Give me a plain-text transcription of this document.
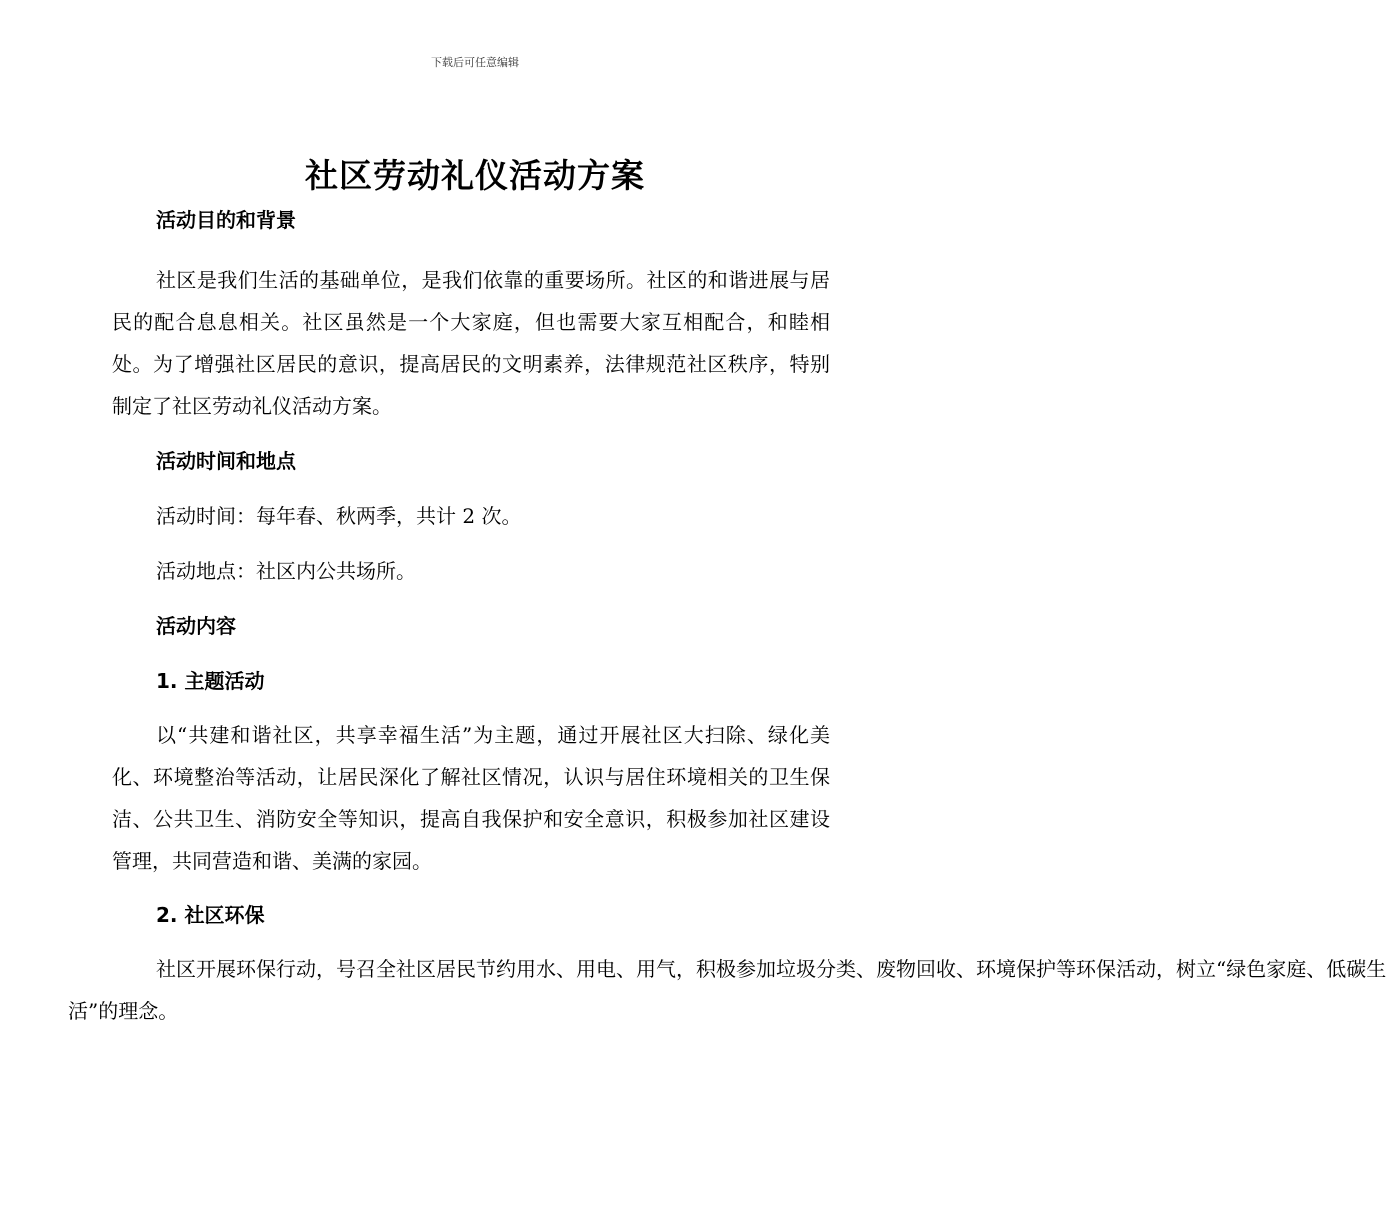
下载后可任意编辑
社区劳动礼仪活动方案
活动目的和背景
社区是我们生活的基础单位，是我们依靠的重要场所。社区的和谐进展与居民的配合息息相关。社区虽然是一个大家庭，但也需要大家互相配合，和睦相处。为了增强社区居民的意识，提高居民的文明素养，法律规范社区秩序，特别制定了社区劳动礼仪活动方案。
活动时间和地点
活动时间：每年春、秋两季，共计 2 次。
活动地点：社区内公共场所。
活动内容
1. 主题活动
以“共建和谐社区，共享幸福生活”为主题，通过开展社区大扫除、绿化美化、环境整治等活动，让居民深化了解社区情况，认识与居住环境相关的卫生保洁、公共卫生、消防安全等知识，提高自我保护和安全意识，积极参加社区建设管理，共同营造和谐、美满的家园。
2. 社区环保
社区开展环保行动，号召全社区居民节约用水、用电、用气，积极参加垃圾分类、废物回收、环境保护等环保活动，树立“绿色家庭、低碳生
活”的理念。
